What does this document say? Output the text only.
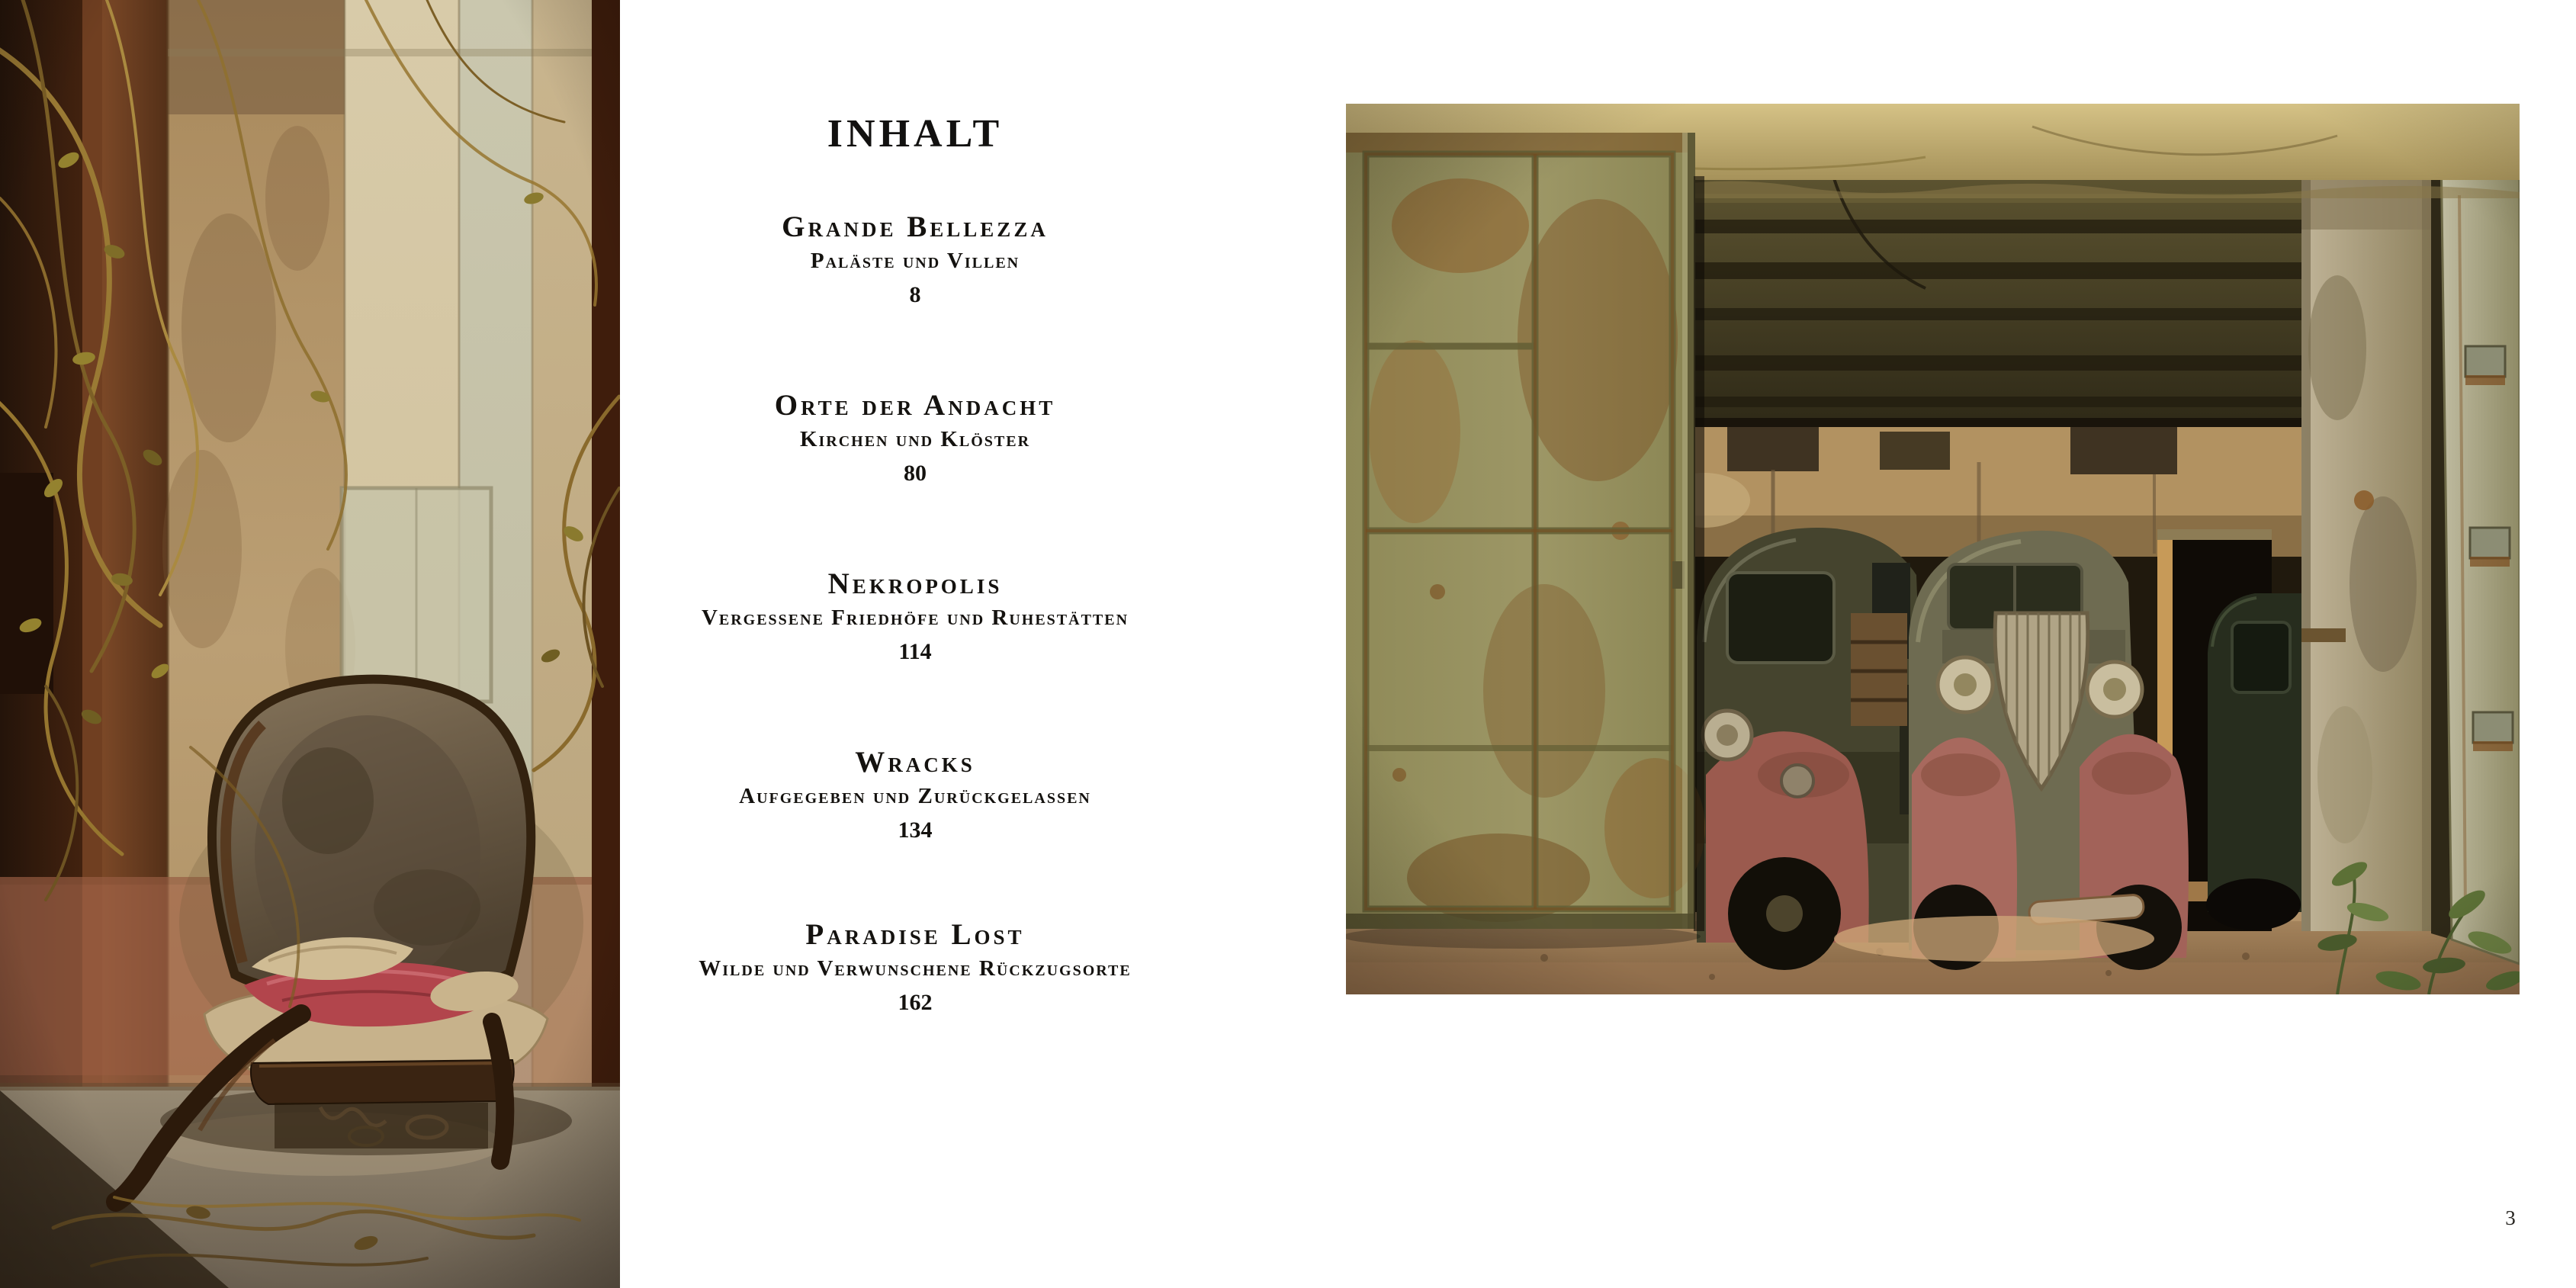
INHALT
Grande Bellezza
Paläste und Villen
8
Orte der Andacht
Kirchen und Klöster
80
Nekropolis
Vergessene Friedhöfe und Ruhestätten
114
Wracks
Aufgegeben und Zurückgelassen
134
Paradise Lost
Wilde und Verwunschene Rückzugsorte
162
3
